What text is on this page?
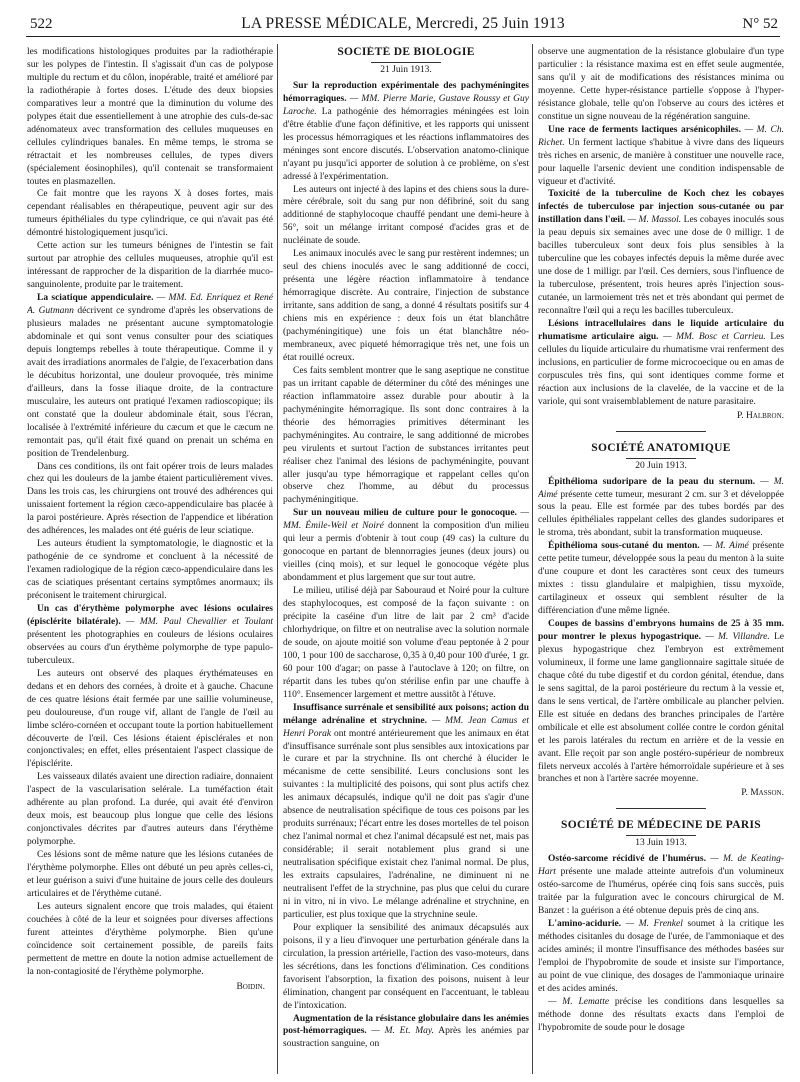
522	LA PRESSE MÉDICALE, Mercredi, 25 Juin 1913	N° 52

les modifications histologiques produites par la radiothérapie sur les polypes de l'intestin. Il s'agissait d'un cas de polypose multiple du rectum et du côlon, inopérable, traité et amélioré par la radiothérapie à fortes doses. L'étude des deux biopsies comparatives leur a montré que la diminution du volume des polypes était due essentiellement à une atrophie des culs-de-sac adénomateux avec transformation des cellules muqueuses en cellules cylindriques banales. En même temps, le stroma se rétractait et les nombreuses cellules, de types divers (spécialement éosinophiles), qu'il contenait se transformaient toutes en plasmazellen.

Ce fait montre que les rayons X à doses fortes, mais cependant réalisables en thérapeutique, peuvent agir sur des tumeurs épithéliales du type cylindrique, ce qui n'avait pas été démontré histologiquement jusqu'ici.

Cette action sur les tumeurs bénignes de l'intestin se fait surtout par atrophie des cellules muqueuses, atrophie qu'il est intéressant de rapprocher de la disparition de la diarrhée muco-sanguinolente, produite par le traitement.

La sciatique appendiculaire. — MM. Ed. Enriquez et René A. Gutmann décrivent ce syndrome d'après les observations de plusieurs malades ne présentant aucune symptomatologie abdominale et qui sont venus consulter pour des sciatiques depuis longtemps rebelles à toute thérapeutique. Comme il y avait des irradiations anormales de l'algie, de l'exacerbation dans le décubitus horizontal, une douleur provoquée, très minime d'ailleurs, dans la fosse iliaque droite, de la contracture musculaire, les auteurs ont pratiqué l'examen radioscopique; ils ont constaté que la douleur abdominale était, sous l'écran, localisée à l'extrémité inférieure du cæcum et que le cæcum ne remontait pas, qu'il était fixé quand on prenait un schéma en position de Trendelenburg.

Dans ces conditions, ils ont fait opérer trois de leurs malades chez qui les douleurs de la jambe étaient particulièrement vives. Dans les trois cas, les chirurgiens ont trouvé des adhérences qui unissaient fortement la région cæco-appendiculaire bas placée à la paroi postérieure. Après résection de l'appendice et libération des adhérences, les malades ont été guéris de leur sciatique.

Les auteurs étudient la symptomatologie, le diagnostic et la pathogénie de ce syndrome et concluent à la nécessité de l'examen radiologique de la région cæco-appendiculaire dans les cas de sciatiques présentant certains symptômes anormaux; ils préconisent le traitement chirurgical.

Un cas d'érythème polymorphe avec lésions oculaires (épisclérite bilatérale). — MM. Paul Chevallier et Toulant présentent les photographies en couleurs de lésions oculaires observées au cours d'un érythème polymorphe de type papulo-tuberculeux.

Les auteurs ont observé des plaques érythémateuses en dedans et en dehors des cornées, à droite et à gauche. Chacune de ces quatre lésions était fermée par une saillie volumineuse, peu douloureuse, d'un rouge vif, allant de l'angle de l'œil au limbe scléro-cornéen et occupant toute la portion habituellement découverte de l'œil. Ces lésions étaient épisclérales et non conjonctivales; en effet, elles présentaient l'aspect classique de l'épisclérite.

Les vaisseaux dilatés avaient une direction radiaire, donnaient l'aspect de la vascularisation selérale. La tuméfaction était adhérente au plan profond. La durée, qui avait été d'environ deux mois, est beaucoup plus longue que celle des lésions conjonctivales décrites par d'autres auteurs dans l'érythème polymorphe.

Ces lésions sont de même nature que les lésions cutanées de l'érythème polymorphe. Elles ont débuté un peu après celles-ci, et leur guérison a suivi d'une huitaine de jours celle des douleurs articulaires et de l'érythème cutané.

Les auteurs signalent encore que trois malades, qui étaient couchées à côté de la leur et soignées pour diverses affections furent atteintes d'érythème polymorphe. Bien qu'une coïncidence soit certainement possible, de pareils faits permettent de mettre en doute la notion admise actuellement de la non-contagiosité de l'érythème polymorphe.

Boidin.
SOCIÉTÉ DE BIOLOGIE
21 Juin 1913.

Sur la reproduction expérimentale des pachyméningites hémorragiques. — MM. Pierre Marie, Gustave Roussy et Guy Laroche. La pathogénie des hémorragies méningées est loin d'être établie d'une façon définitive, et les rapports qui unissent les processus hémorragiques et les réactions inflammatoires des méninges sont encore discutés. L'observation anatomo-clinique n'ayant pu jusqu'ici apporter de solution à ce problème, on s'est adressé à l'expérimentation.

Les auteurs ont injecté à des lapins et des chiens sous la dure-mère cérébrale, soit du sang pur non défibriné, soit du sang additionné de staphylocoque chauffé pendant une demi-heure à 56°, soit un mélange irritant composé d'acides gras et de nucléinate de soude.

Les animaux inoculés avec le sang pur restèrent indemnes; un seul des chiens inoculés avec le sang additionné de cocci, présenta une légère réaction inflammatoire à tendance hémorragique discrète. Au contraire, l'injection de substance irritante, sans addition de sang, a donné 4 résultats positifs sur 4 chiens mis en expérience : deux fois un état blanchâtre (pachyméningitique) une fois un état blanchâtre néo-membraneux, avec piqueté hémorragique très net, une fois un état rouillé ocreux.

Ces faits semblent montrer que le sang aseptique ne constitue pas un irritant capable de déterminer du côté des méninges une réaction inflammatoire assez durable pour aboutir à la pachyméningite hémorragique. Ils sont donc contraires à la théorie des hémorragies primitives déterminant les pachyméningites. Au contraire, le sang additionné de microbes peu virulents et surtout l'action de substances irritantes peut réaliser chez l'animal des lésions de pachyméningite, pouvant aller jusqu'au type hémorragique et rappelant celles qu'on observe chez l'homme, au début du processus pachyméningitique.

Sur un nouveau milieu de culture pour le gonocoque. — MM. Émile-Weil et Noiré donnent la composition d'un milieu qui leur a permis d'obtenir à tout coup (49 cas) la culture du gonocoque en partant de blennorragies jeunes (deux jours) ou vieilles (cinq mois), et sur lequel le gonocoque végète plus abondamment et plus largement que sur tout autre.

Le milieu, utilisé déjà par Sabouraud et Noiré pour la culture des staphylocoques, est composé de la façon suivante : on précipite la caséine d'un litre de lait par 2 cm³ d'acide chlorhydrique, on filtre et on neutralise avec la solution normale de soude, on ajoute moitié son volume d'eau peptonée à 2 pour 100, 1 pour 100 de saccharose, 0,35 à 0,40 pour 100 d'urée, 1 gr. 60 pour 100 d'agar; on passe à l'autoclave à 120; on filtre, on répartit dans les tubes qu'on stérilise enfin par une chauffe à 110°. Ensemencer largement et mettre aussitôt à l'étuve.

Insuffisance surrénale et sensibilité aux poisons; action du mélange adrénaline et strychnine. — MM. Jean Camus et Henri Porak ont montré antérieurement que les animaux en état d'insuffisance surrénale sont plus sensibles aux intoxications par le curare et par la strychnine. Ils ont cherché à élucider le mécanisme de cette sensibilité. Leurs conclusions sont les suivantes : la multiplicité des poisons, qui sont plus actifs chez les animaux décapsulés, indique qu'il ne doit pas s'agir d'une absence de neutralisation spécifique de tous ces poisons par les produits surrénaux; l'écart entre les doses mortelles de tel poison chez l'animal normal et chez l'animal décapsulé est net, mais pas considérable; il serait notablement plus grand si une neutralisation spécifique existait chez l'animal normal. De plus, les extraits capsulaires, l'adrénaline, ne diminuent ni ne neutralisent l'effet de la strychnine, pas plus que celui du curare ni in vitro, ni in vivo. Le mélange adrénaline et strychnine, en particulier, est plus toxique que la strychnine seule.

Pour expliquer la sensibilité des animaux décapsulés aux poisons, il y a lieu d'invoquer une perturbation générale dans la circulation, la pression artérielle, l'action des vaso-moteurs, dans les sécrétions, dans les fonctions d'élimination. Ces conditions favorisent l'absorption, la fixation des poisons, nuisent à leur élimination, changent par conséquent en l'accentuant, le tableau de l'intoxication.

Augmentation de la résistance globulaire dans les anémies post-hémorragiques. — M. Et. May. Après les anémies par soustraction sanguine, on

observe une augmentation de la résistance globulaire d'un type particulier : la résistance maxima est en effet seule augmentée, sans qu'il y ait de modifications des résistances minima ou moyenne. Cette hyper-résistance partielle s'oppose à l'hyper-résistance globale, telle qu'on l'observe au cours des ictères et constitue un signe nouveau de la régénération sanguine.

Une race de ferments lactiques arsénicophiles. — M. Ch. Richet. Un ferment lactique s'habitue à vivre dans des liqueurs très riches en arsenic, de manière à constituer une nouvelle race, pour laquelle l'arsenic devient une condition indispensable de vigueur et d'activité.

Toxicité de la tuberculine de Koch chez les cobayes infectés de tuberculose par injection sous-cutanée ou par instillation dans l'œil. — M. Massol. Les cobayes inoculés sous la peau depuis six semaines avec une dose de 0 milligr. 1 de bacilles tuberculeux sont deux fois plus sensibles à la tuberculine que les cobayes infectés depuis la même durée avec une dose de 1 milligr. par l'œil. Ces derniers, sous l'influence de la tuberculose, présentent, trois heures après l'injection sous-cutanée, un larmoiement très net et très abondant qui permet de reconnaître l'œil qui a reçu les bacilles tuberculeux.

Lésions intracellulaires dans le liquide articulaire du rhumatisme articulaire aigu. — MM. Bosc et Carrieu. Les cellules du liquide articulaire du rhumatisme vrai renferment des inclusions, en particulier de forme microcoecique ou en amas de corpuscules très fins, qui sont identiques comme forme et réaction aux inclusions de la clavelée, de la vaccine et de la variole, qui sont vraisemblablement de nature parasitaire.

P. Halbron.
SOCIÉTÉ ANATOMIQUE
20 Juin 1913.

Épithélioma sudoripare de la peau du sternum. — M. Aimé présente cette tumeur, mesurant 2 cm. sur 3 et développée sous la peau. Elle est formée par des tubes bordés par des cellules épithéliales rappelant celles des glandes sudoripares et le stroma, très abondant, subit la transformation muqueuse.

Épithélioma sous-cutané du menton. — M. Aimé présente cette petite tumeur, développée sous la peau du menton à la suite d'une coupure et dont les caractères sont ceux des tumeurs mixtes : tissu glandulaire et malpighien, tissu myxoïde, cartilagineux et osseux qui semblent résulter de la différenciation d'une même lignée.

Coupes de bassins d'embryons humains de 25 à 35 mm. pour montrer le plexus hypogastrique. — M. Villandre. Le plexus hypogastrique chez l'embryon est extrêmement volumineux, il forme une lame ganglionnaire sagittale située de chaque côté du tube digestif et du cordon génital, étendue, dans le sens sagittal, de la paroi postérieure du rectum à la vessie et, dans le sens vertical, de l'artère ombilicale au plancher pelvien. Elle est située en dedans des branches principales de l'artère ombilicale et elle est absolument collée contre le cordon génital et les parois latérales du rectum en arrière et de la vessie en avant. Elle reçoit par son angle postéro-supérieur de nombreux filets nerveux accolés à l'artère hémorroïdale supérieure et à ses branches et non à l'artère sacrée moyenne.

P. Masson.
SOCIÉTÉ DE MÉDECINE DE PARIS
13 Juin 1913.

Ostéo-sarcome récidivé de l'humérus. — M. de Keating-Hart présente une malade atteinte autrefois d'un volumineux ostéo-sarcome de l'humérus, opérée cinq fois sans succès, puis traitée par la fulguration avec le concours chirurgical de M. Banzet : la guérison a été obtenue depuis près de cinq ans.

L'amino-acidurie. — M. Frenkel soumet à la critique les méthodes cisitanles du dosage de l'urée, de l'ammoniaque et des acides aminés; il montre l'insuffisance des méthodes basées sur l'emploi de l'hypobromite de soude et insiste sur l'importance, au point de vue clinique, des dosages de l'ammoniaque urinaire et des acides aminés.

— M. Lematte précise les conditions dans lesquelles sa méthode donne des résultats exacts dans l'emploi de l'hypobromite de soude pour le dosage
